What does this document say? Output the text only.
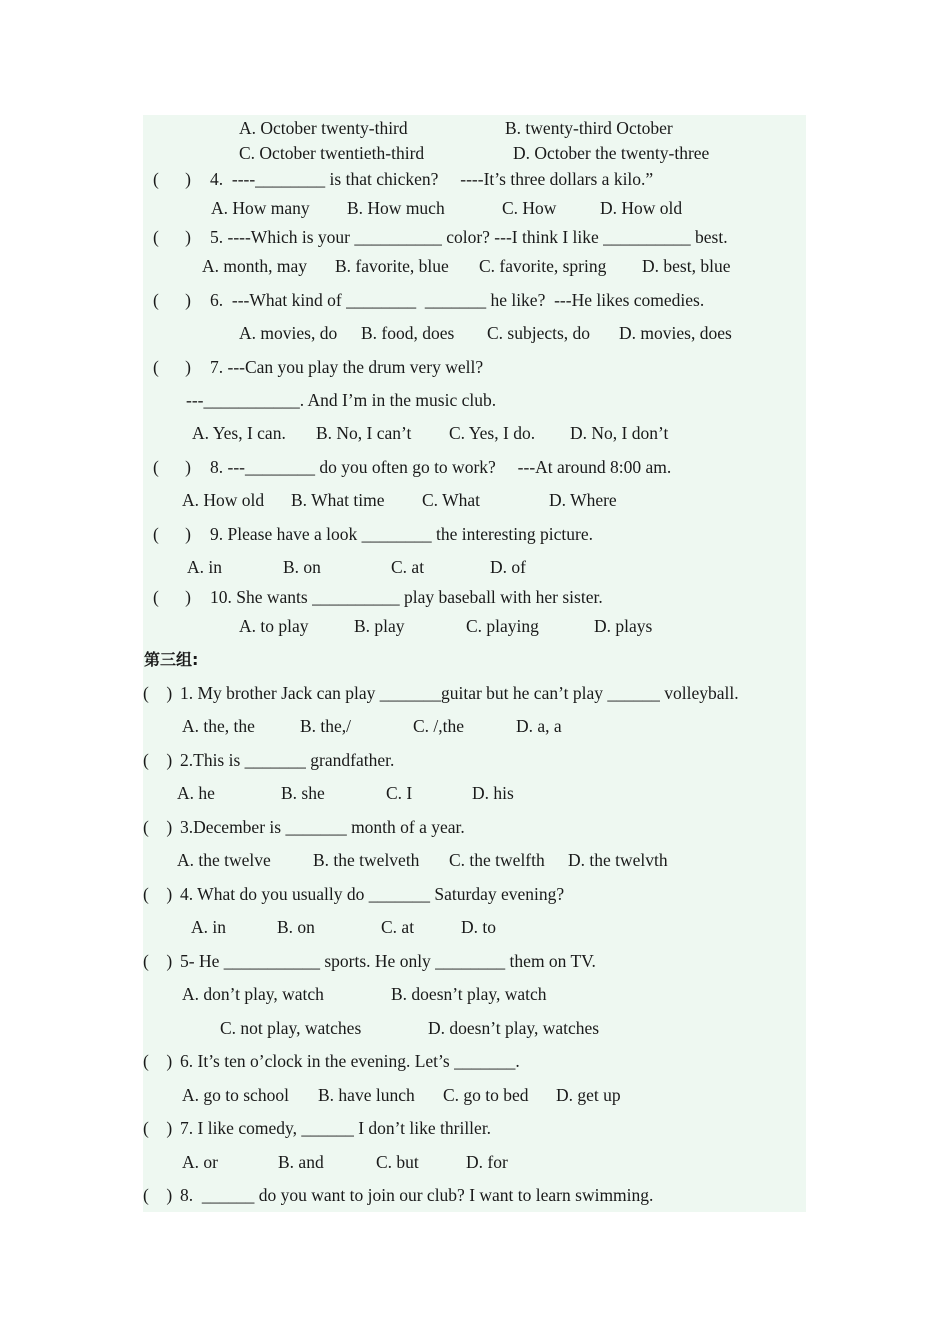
A. October twenty-third	B. twenty-third October
C. October twentieth-third	D. October the twenty-three
(      ) 4.  ----________ is that chicken?     ----It’s three dollars a kilo.”
A. How many B. How much	C. How D. How old
(      ) 5. ----Which is your __________ color? ---I think I like __________ best.
A. month, may B. favorite, blue C. favorite, spring D. best, blue
(      ) 6.  ---What kind of ________  _______ he like?  ---He likes comedies.
A. movies, do B. food, does C. subjects, do D. movies, does
(      ) 7. ---Can you play the drum very well?
---___________. And I’m in the music club.
A. Yes, I can. B. No, I can’t C. Yes, I do. D. No, I don’t
(      ) 8. ---________ do you often go to work?     ---At around 8:00 am.
A. How old B. What time C. What	D. Where
(      ) 9. Please have a look ________ the interesting picture.
A. in	B. on	C. at	D. of
(      ) 10. She wants __________ play baseball with her sister.
A. to play	B. play	C. playing	D. plays
第三组:
(    ) 1. My brother Jack can play _______guitar but he can’t play ______ volleyball.
A. the, the	B. the,/	C. /,the	D. a, a
(    ) 2.This is _______ grandfather.
A. he	B. she	C. I	D. his
(    ) 3.December is _______ month of a year.
A. the twelve B. the twelveth C. the twelfth D. the twelvth
(    ) 4. What do you usually do _______ Saturday evening?
A. in	B. on	C. at	D. to
(    ) 5- He ___________ sports. He only ________ them on TV.
A. don’t play, watch	B. doesn’t play, watch
C. not play, watches	D. doesn’t play, watches
(    ) 6. It’s ten o’clock in the evening. Let’s _______.
A. go to school B. have lunch C. go to bed D. get up
(    ) 7. I like comedy, ______ I don’t like thriller.
A. or	B. and	C. but	D. for
(    ) 8.  ______ do you want to join our club? I want to learn swimming.
